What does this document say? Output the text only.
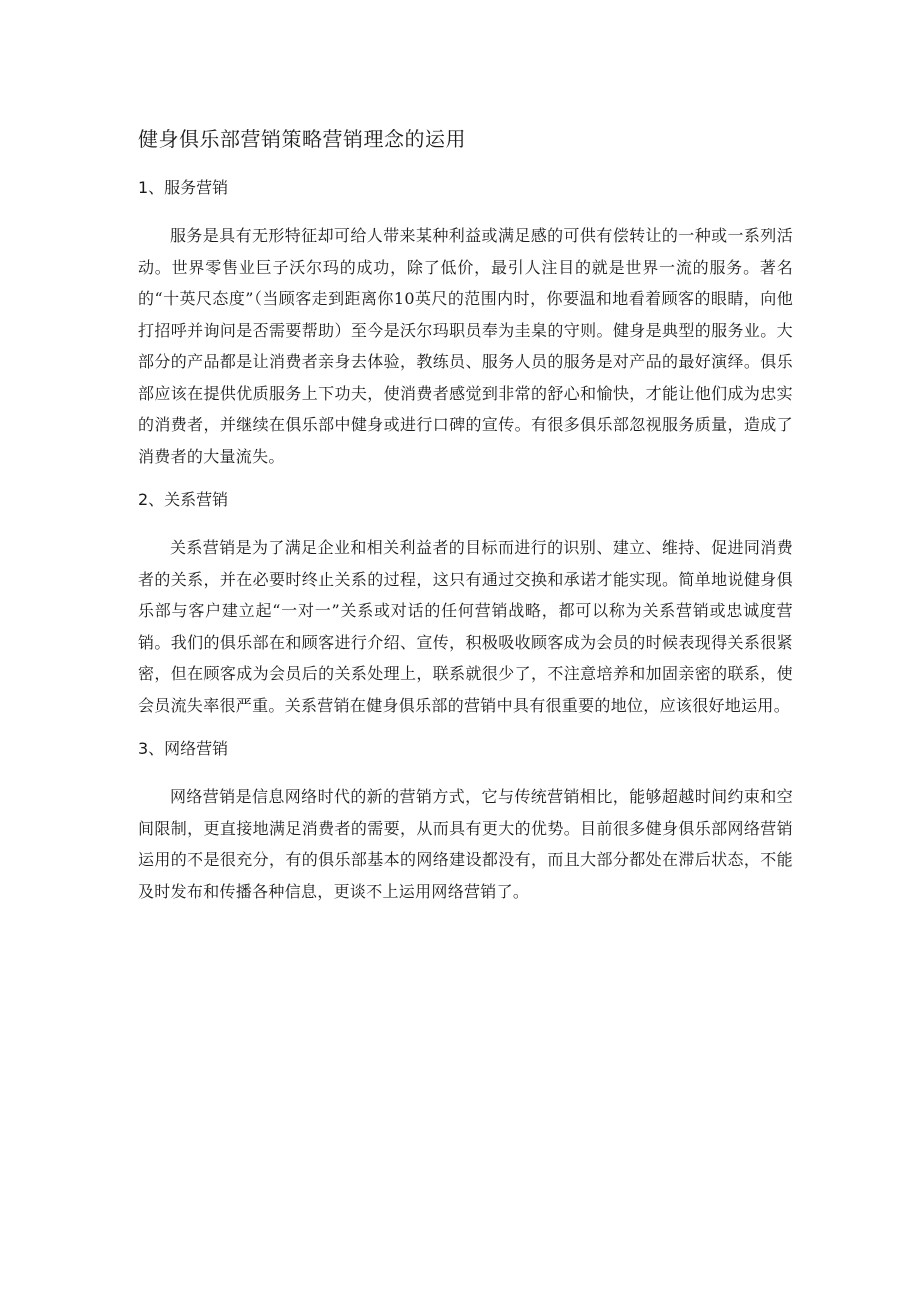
健身俱乐部营销策略营销理念的运用
1、服务营销

服务是具有无形特征却可给人带来某种利益或满足感的可供有偿转让的一种或一系列活动。世界零售业巨子沃尔玛的成功，除了低价，最引人注目的就是世界一流的服务。著名的“十英尺态度”（当顾客走到距离你10英尺的范围内时，你要温和地看着顾客的眼睛，向他打招呼并询问是否需要帮助）至今是沃尔玛职员奉为圭臬的守则。健身是典型的服务业。大部分的产品都是让消费者亲身去体验，教练员、服务人员的服务是对产品的最好演绎。俱乐部应该在提供优质服务上下功夫，使消费者感觉到非常的舒心和愉快，才能让他们成为忠实的消费者，并继续在俱乐部中健身或进行口碑的宣传。有很多俱乐部忽视服务质量，造成了消费者的大量流失。

2、关系营销

关系营销是为了满足企业和相关利益者的目标而进行的识别、建立、维持、促进同消费者的关系，并在必要时终止关系的过程，这只有通过交换和承诺才能实现。简单地说健身俱乐部与客户建立起“一对一”关系或对话的任何营销战略，都可以称为关系营销或忠诚度营销。我们的俱乐部在和顾客进行介绍、宣传，积极吸收顾客成为会员的时候表现得关系很紧密，但在顾客成为会员后的关系处理上，联系就很少了，不注意培养和加固亲密的联系，使会员流失率很严重。关系营销在健身俱乐部的营销中具有很重要的地位，应该很好地运用。

3、网络营销

网络营销是信息网络时代的新的营销方式，它与传统营销相比，能够超越时间约束和空间限制，更直接地满足消费者的需要，从而具有更大的优势。目前很多健身俱乐部网络营销运用的不是很充分，有的俱乐部基本的网络建设都没有，而且大部分都处在滞后状态，不能及时发布和传播各种信息，更谈不上运用网络营销了。
